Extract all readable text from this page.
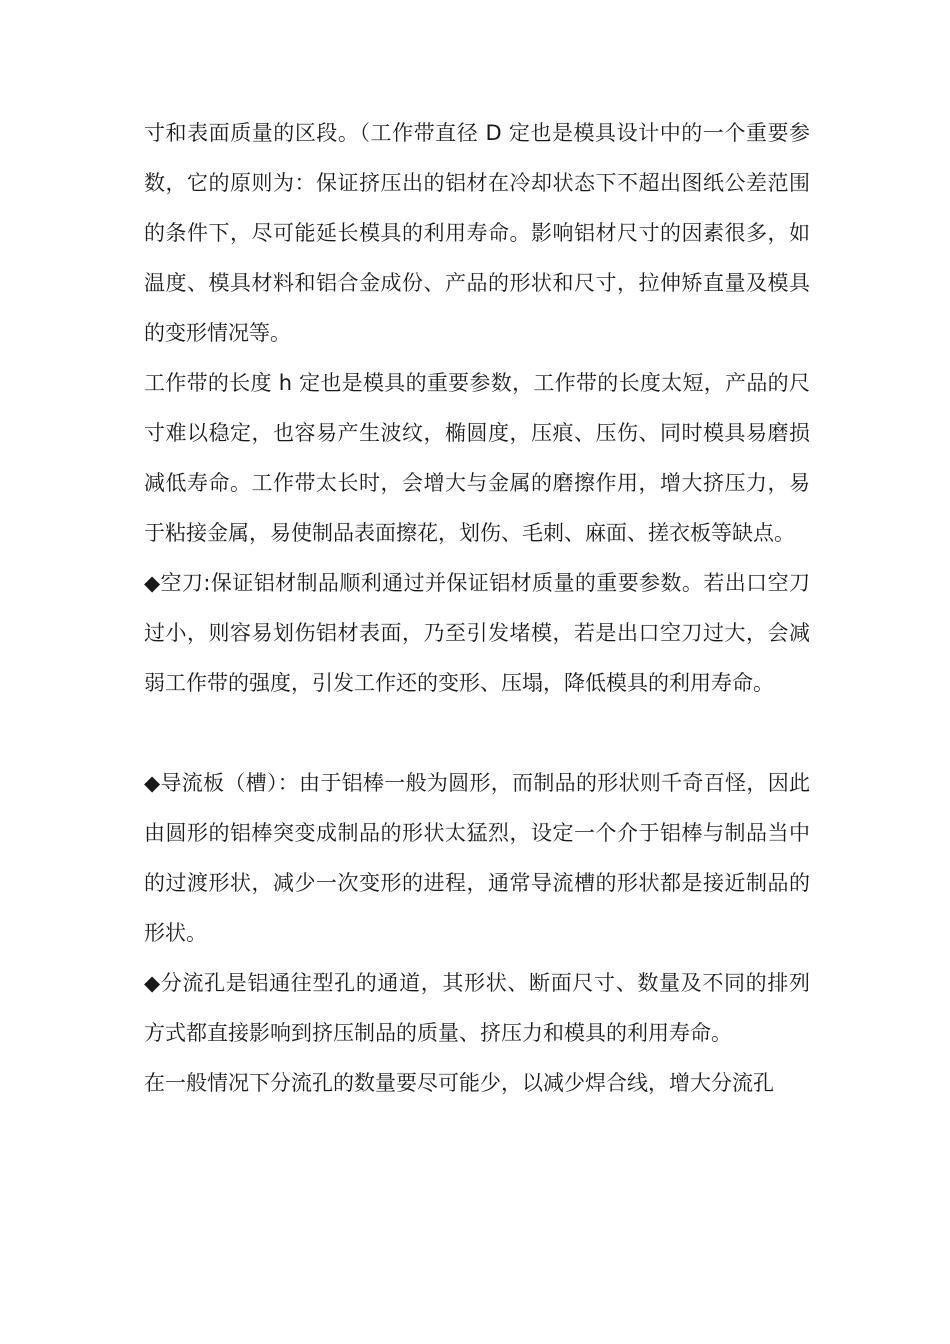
寸和表面质量的区段。（工作带直径 D 定也是模具设计中的一个重要参数，它的原则为：保证挤压出的铝材在冷却状态下不超出图纸公差范围的条件下，尽可能延长模具的利用寿命。影响铝材尺寸的因素很多，如温度、模具材料和铝合金成份、产品的形状和尺寸，拉伸矫直量及模具的变形情况等。

工作带的长度 h 定也是模具的重要参数，工作带的长度太短，产品的尺寸难以稳定，也容易产生波纹，椭圆度，压痕、压伤、同时模具易磨损减低寿命。工作带太长时，会增大与金属的磨擦作用，增大挤压力，易于粘接金属，易使制品表面擦花，划伤、毛刺、麻面、搓衣板等缺点。

◆空刀:保证铝材制品顺利通过并保证铝材质量的重要参数。若出口空刀过小，则容易划伤铝材表面，乃至引发堵模，若是出口空刀过大，会减弱工作带的强度，引发工作还的变形、压塌，降低模具的利用寿命。

◆导流板（槽）：由于铝棒一般为圆形，而制品的形状则千奇百怪，因此由圆形的铝棒突变成制品的形状太猛烈，设定一个介于铝棒与制品当中的过渡形状，减少一次变形的进程，通常导流槽的形状都是接近制品的形状。

◆分流孔是铝通往型孔的通道，其形状、断面尺寸、数量及不同的排列方式都直接影响到挤压制品的质量、挤压力和模具的利用寿命。

在一般情况下分流孔的数量要尽可能少，以减少焊合线，增大分流孔
